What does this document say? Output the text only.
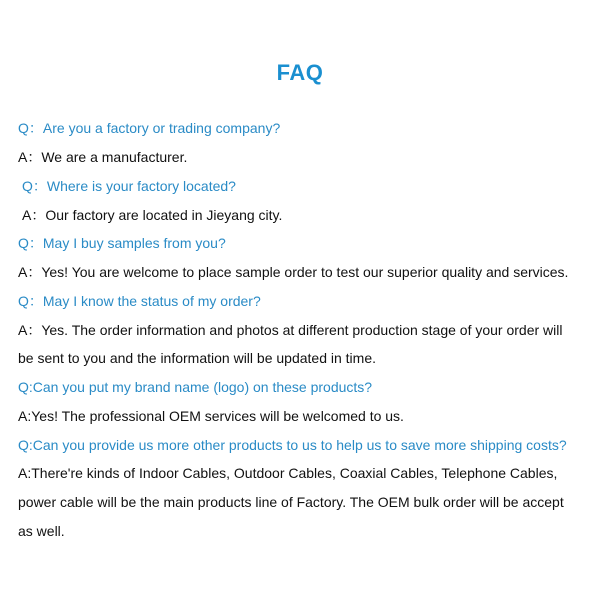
FAQ
Q：Are you a factory or trading company?
A：We are a manufacturer.
Q：Where is your factory located?
A：Our factory are located in Jieyang city.
Q：May I buy samples from you?
A：Yes! You are welcome to place sample order to test our superior quality and services.
Q：May I know the status of my order?
A：Yes. The order information and photos at different production stage of your order will
be sent to you and the information will be updated in time.
Q:Can you put my brand name (logo) on these products?
A:Yes! The professional OEM services will be welcomed to us.
Q:Can you provide us more other products to us to help us to save more shipping costs?
A:There're kinds of Indoor Cables, Outdoor Cables, Coaxial Cables, Telephone Cables,
power cable will be the main products line of Factory. The OEM bulk order will be accept
as well.
